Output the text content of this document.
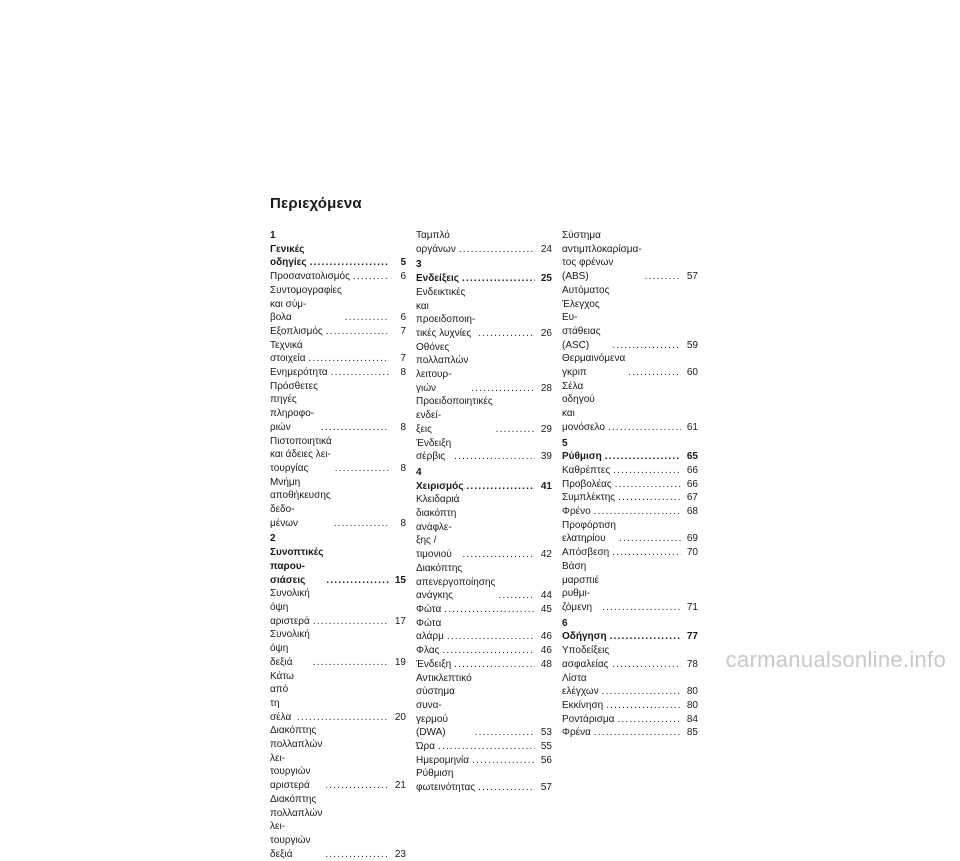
Περιεχόμενα
1 Γενικές οδηγίες .....	5
Προσανατολισμός .....	6
Συντομογραφίες και σύμ-
βολα .....	6
Εξοπλισμός .....	7
Τεχνικά στοιχεία .....	7
Ενημερότητα .....	8
Πρόσθετες πηγές πληροφο-
ριών .....	8
Πιστοποιητικά και άδειες λει-
τουργίας .....	8
Μνήμη αποθήκευσης δεδο-
μένων .....	8
2 Συνοπτικές παρου-
σιάσεις .....	15
Συνολική όψη αριστερά .....	17
Συνολική όψη δεξιά .....	19
Κάτω από τη σέλα .....	20
Διακόπτης πολλαπλών λει-
τουργιών αριστερά .....	21
Διακόπτης πολλαπλών λει-
τουργιών δεξιά .....	23
Ταμπλό οργάνων .....	24
3 Ενδείξεις .....	25
Ενδεικτικές και προειδοποιη-
τικές λυχνίες .....	26
Οθόνες πολλαπλών λειτουρ-
γιών .....	28
Προειδοποιητικές ενδεί-
ξεις .....	29
Ένδειξη σέρβις .....	39
4 Χειρισμός .....	41
Κλειδαριά διακόπτη ανάφλε-
ξης / τιμονιού .....	42
Διακόπτης απενεργοποίησης
ανάγκης .....	44
Φώτα .....	45
Φώτα αλάρμ .....	46
Φλας .....	46
Ένδειξη .....	48
Αντικλεπτικό σύστημα συνα-
γερμού (DWA) .....	53
Ώρα .....	55
Ημερομηνία .....	56
Ρύθμιση φωτεινότητας .....	57
Σύστημα αντιμπλοκαρίσμα-
τος φρένων (ABS) .....	57
Αυτόματος Έλεγχος Ευ-
στάθειας (ASC) .....	59
Θερμαινόμενα γκριπ .....	60
Σέλα οδηγού και
μονόσελο .....	61
5 Ρύθμιση .....	65
Καθρέπτες .....	66
Προβολέας .....	66
Συμπλέκτης .....	67
Φρένο .....	68
Προφόρτιση ελατηρίου .....	69
Απόσβεση .....	70
Βάση μαρσπιέ ρυθμι-
ζόμενη .....	71
6 Οδήγηση .....	77
Υποδείξεις ασφαλείας .....	78
Λίστα ελέγχων .....	80
Εκκίνηση .....	80
Ροντάρισμα .....	84
Φρένα .....	85
carmanualsonline.info
